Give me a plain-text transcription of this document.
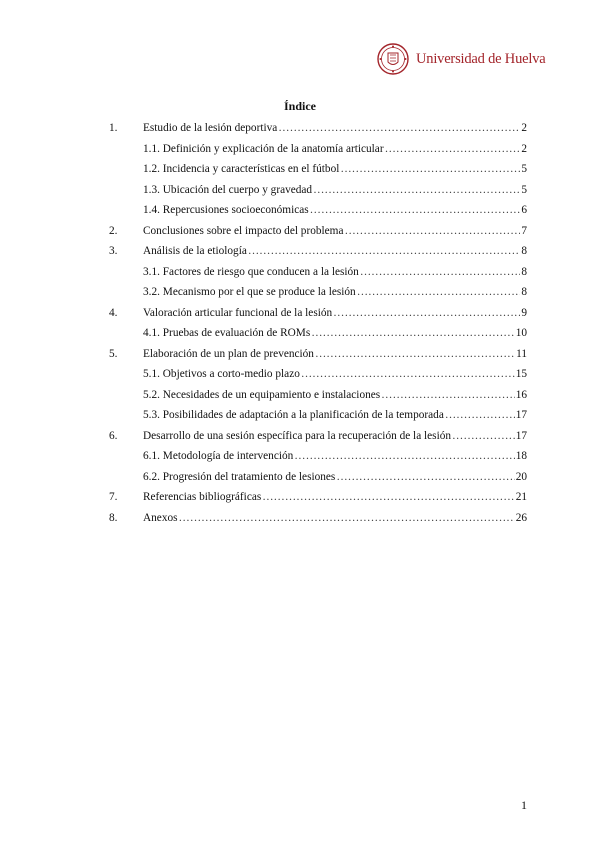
Universidad de Huelva
Índice
1. Estudio de la lesión deportiva ……………………………………………………………………………………………………………………………………………………	2
1.1. Definición y explicación de la anatomía articular ……………………………………………………………………………………………………………………………………………………	2
1.2. Incidencia y características en el fútbol ……………………………………………………………………………………………………………………………………………………	5
1.3. Ubicación del cuerpo y gravedad ……………………………………………………………………………………………………………………………………………………	5
1.4. Repercusiones socioeconómicas ……………………………………………………………………………………………………………………………………………………	6
2. Conclusiones sobre el impacto del problema ……………………………………………………………………………………………………………………………………………………	7
3. Análisis de la etiología ……………………………………………………………………………………………………………………………………………………	8
3.1. Factores de riesgo que conducen a la lesión ……………………………………………………………………………………………………………………………………………………	8
3.2. Mecanismo por el que se produce la lesión ……………………………………………………………………………………………………………………………………………………	8
4. Valoración articular funcional de la lesión ……………………………………………………………………………………………………………………………………………………	9
4.1. Pruebas de evaluación de ROMs ……………………………………………………………………………………………………………………………………………………	10
5. Elaboración de un plan de prevención ……………………………………………………………………………………………………………………………………………………	11
5.1. Objetivos a corto-medio plazo ……………………………………………………………………………………………………………………………………………………	15
5.2. Necesidades de un equipamiento e instalaciones ……………………………………………………………………………………………………………………………………………………	16
5.3. Posibilidades de adaptación a la planificación de la temporada ……………………………………………………………………………………………………………………………………………………	17
6. Desarrollo de una sesión específica para la recuperación de la lesión ……………………………………………………………………………………………………………………………………………………	17
6.1. Metodología de intervención ……………………………………………………………………………………………………………………………………………………	18
6.2. Progresión del tratamiento de lesiones ……………………………………………………………………………………………………………………………………………………	20
7. Referencias bibliográficas ……………………………………………………………………………………………………………………………………………………	21
8. Anexos ……………………………………………………………………………………………………………………………………………………	26
1
